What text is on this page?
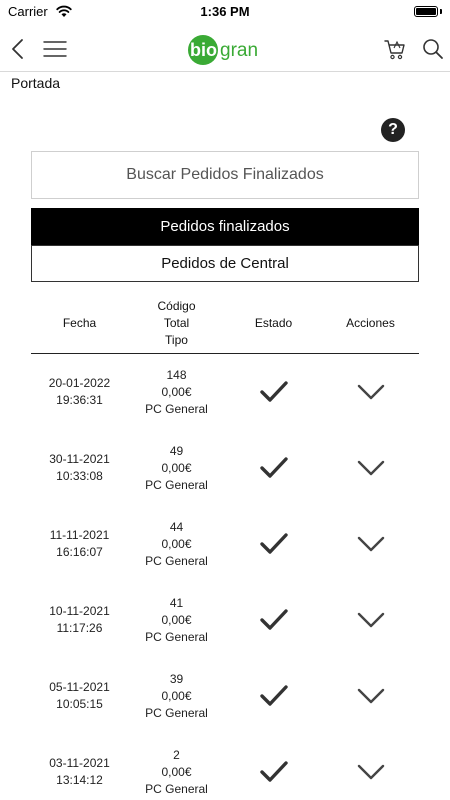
Carrier	1:36 PM
bio gran
Portada
?
Buscar Pedidos Finalizados
Pedidos finalizados
Pedidos de Central
Fecha
Código
Total
Tipo
Estado	Acciones
20-01-2022
19:36:31
148
0,00€
PC General
30-11-2021
10:33:08
49
0,00€
PC General
11-11-2021
16:16:07
44
0,00€
PC General
10-11-2021
11:17:26
41
0,00€
PC General
05-11-2021
10:05:15
39
0,00€
PC General
03-11-2021
13:14:12
2
0,00€
PC General
